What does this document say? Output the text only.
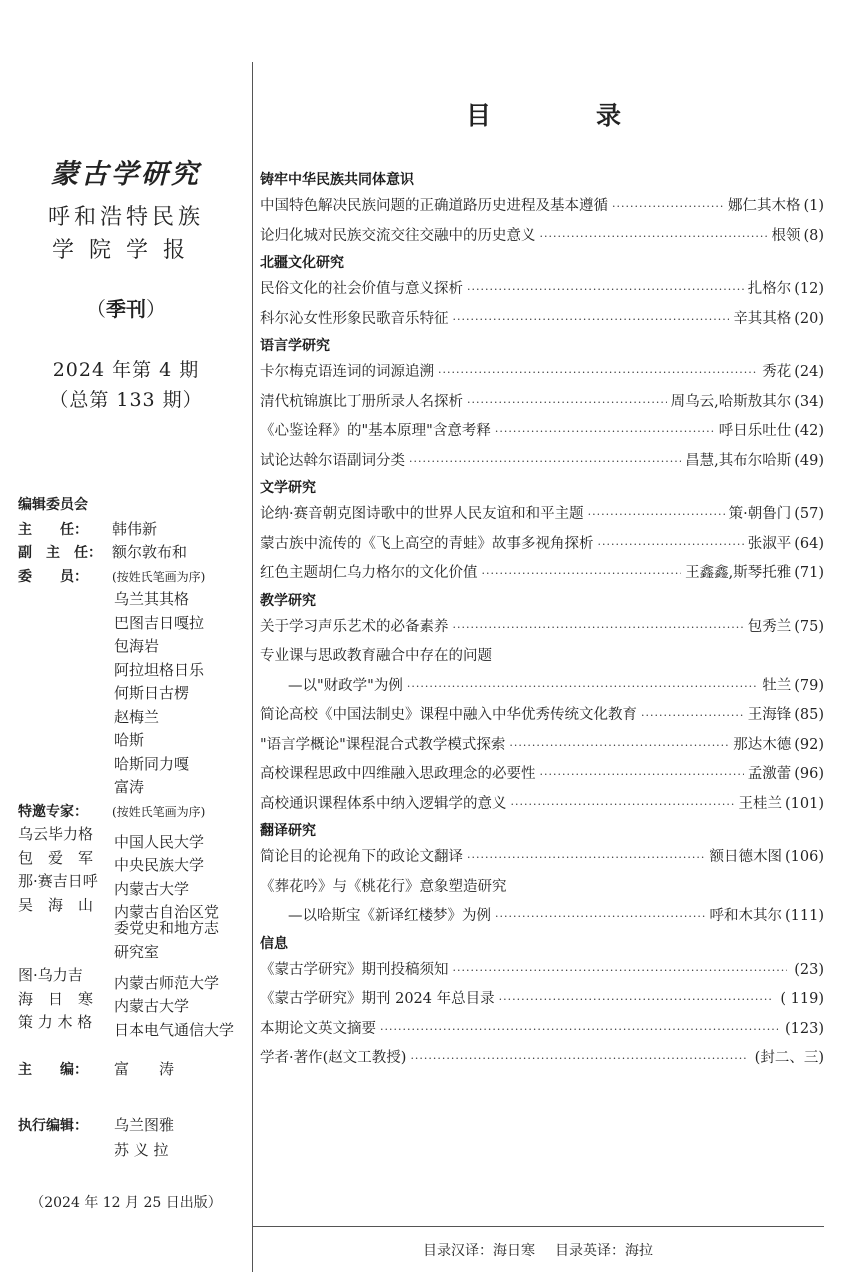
蒙古学研究
呼和浩特民族
学院学报
（季刊）
2024 年第 4 期
（总第 133 期）
编辑委员会
主　　任： 韩伟新
副　主　任： 额尔敦布和
委　　员： (按姓氏笔画为序)
乌兰其其格
巴图吉日嘎拉
包海岩
阿拉坦格日乐
何斯日古楞
赵梅兰
哈斯
哈斯同力嘎
富涛
特邀专家： (按姓氏笔画为序)
乌云毕力格 中国人民大学
包　爱　军 中央民族大学
那·赛吉日呼 内蒙古大学
吴　海　山 内蒙古自治区党
委党史和地方志
研究室
图·乌力吉 内蒙古师范大学
海　日　寒 内蒙古大学
策 力 木 格 日本电气通信大学
主　　编： 富　　涛
执行编辑： 乌兰图雅
苏 义 拉
（2024 年 12 月 25 日出版）
目	录
铸牢中华民族共同体意识
中国特色解决民族问题的正确道路历史进程及基本遵循 ·····	娜仁其木格 (1)
论归化城对民族交流交往交融中的历史意义 ·····	根领 (8)
北疆文化研究
民俗文化的社会价值与意义探析 ·····	扎格尔 (12)
科尔沁女性形象民歌音乐特征 ·····	辛其其格 (20)
语言学研究
卡尔梅克语连词的词源追溯 ·····	秀花 (24)
清代杭锦旗比丁册所录人名探析 ·····	周乌云,哈斯敖其尔 (34)
《心鉴诠释》的"基本原理"含意考释 ·····	呼日乐吐仕 (42)
试论达斡尔语副词分类 ·····	昌慧,其布尔哈斯 (49)
文学研究
论纳·赛音朝克图诗歌中的世界人民友谊和和平主题 ·····	策·朝鲁门 (57)
蒙古族中流传的《飞上高空的青蛙》故事多视角探析 ·····	张淑平 (64)
红色主题胡仁乌力格尔的文化价值 ·····	王鑫鑫,斯琴托雅 (71)
教学研究
关于学习声乐艺术的必备素养 ·····	包秀兰 (75)
专业课与思政教育融合中存在的问题
—以"财政学"为例 ·····	牡兰 (79)
简论高校《中国法制史》课程中融入中华优秀传统文化教育 ·····	王海锋 (85)
"语言学概论"课程混合式教学模式探索 ·····	那达木德 (92)
高校课程思政中四维融入思政理念的必要性 ·····	孟激蕾 (96)
高校通识课程体系中纳入逻辑学的意义 ·····	王桂兰 (101)
翻译研究
简论目的论视角下的政论文翻译 ·····	额日德木图 (106)
《葬花吟》与《桃花行》意象塑造研究
—以哈斯宝《新译红楼梦》为例 ·····	呼和木其尔 (111)
信息
《蒙古学研究》期刊投稿须知 ·····	(23)
《蒙古学研究》期刊 2024 年总目录 ·····	( 119)
本期论文英文摘要 ·····	(123)
学者·著作(赵文工教授) ·····	(封二、三)
目录汉译：海日寒 目录英译：海拉
